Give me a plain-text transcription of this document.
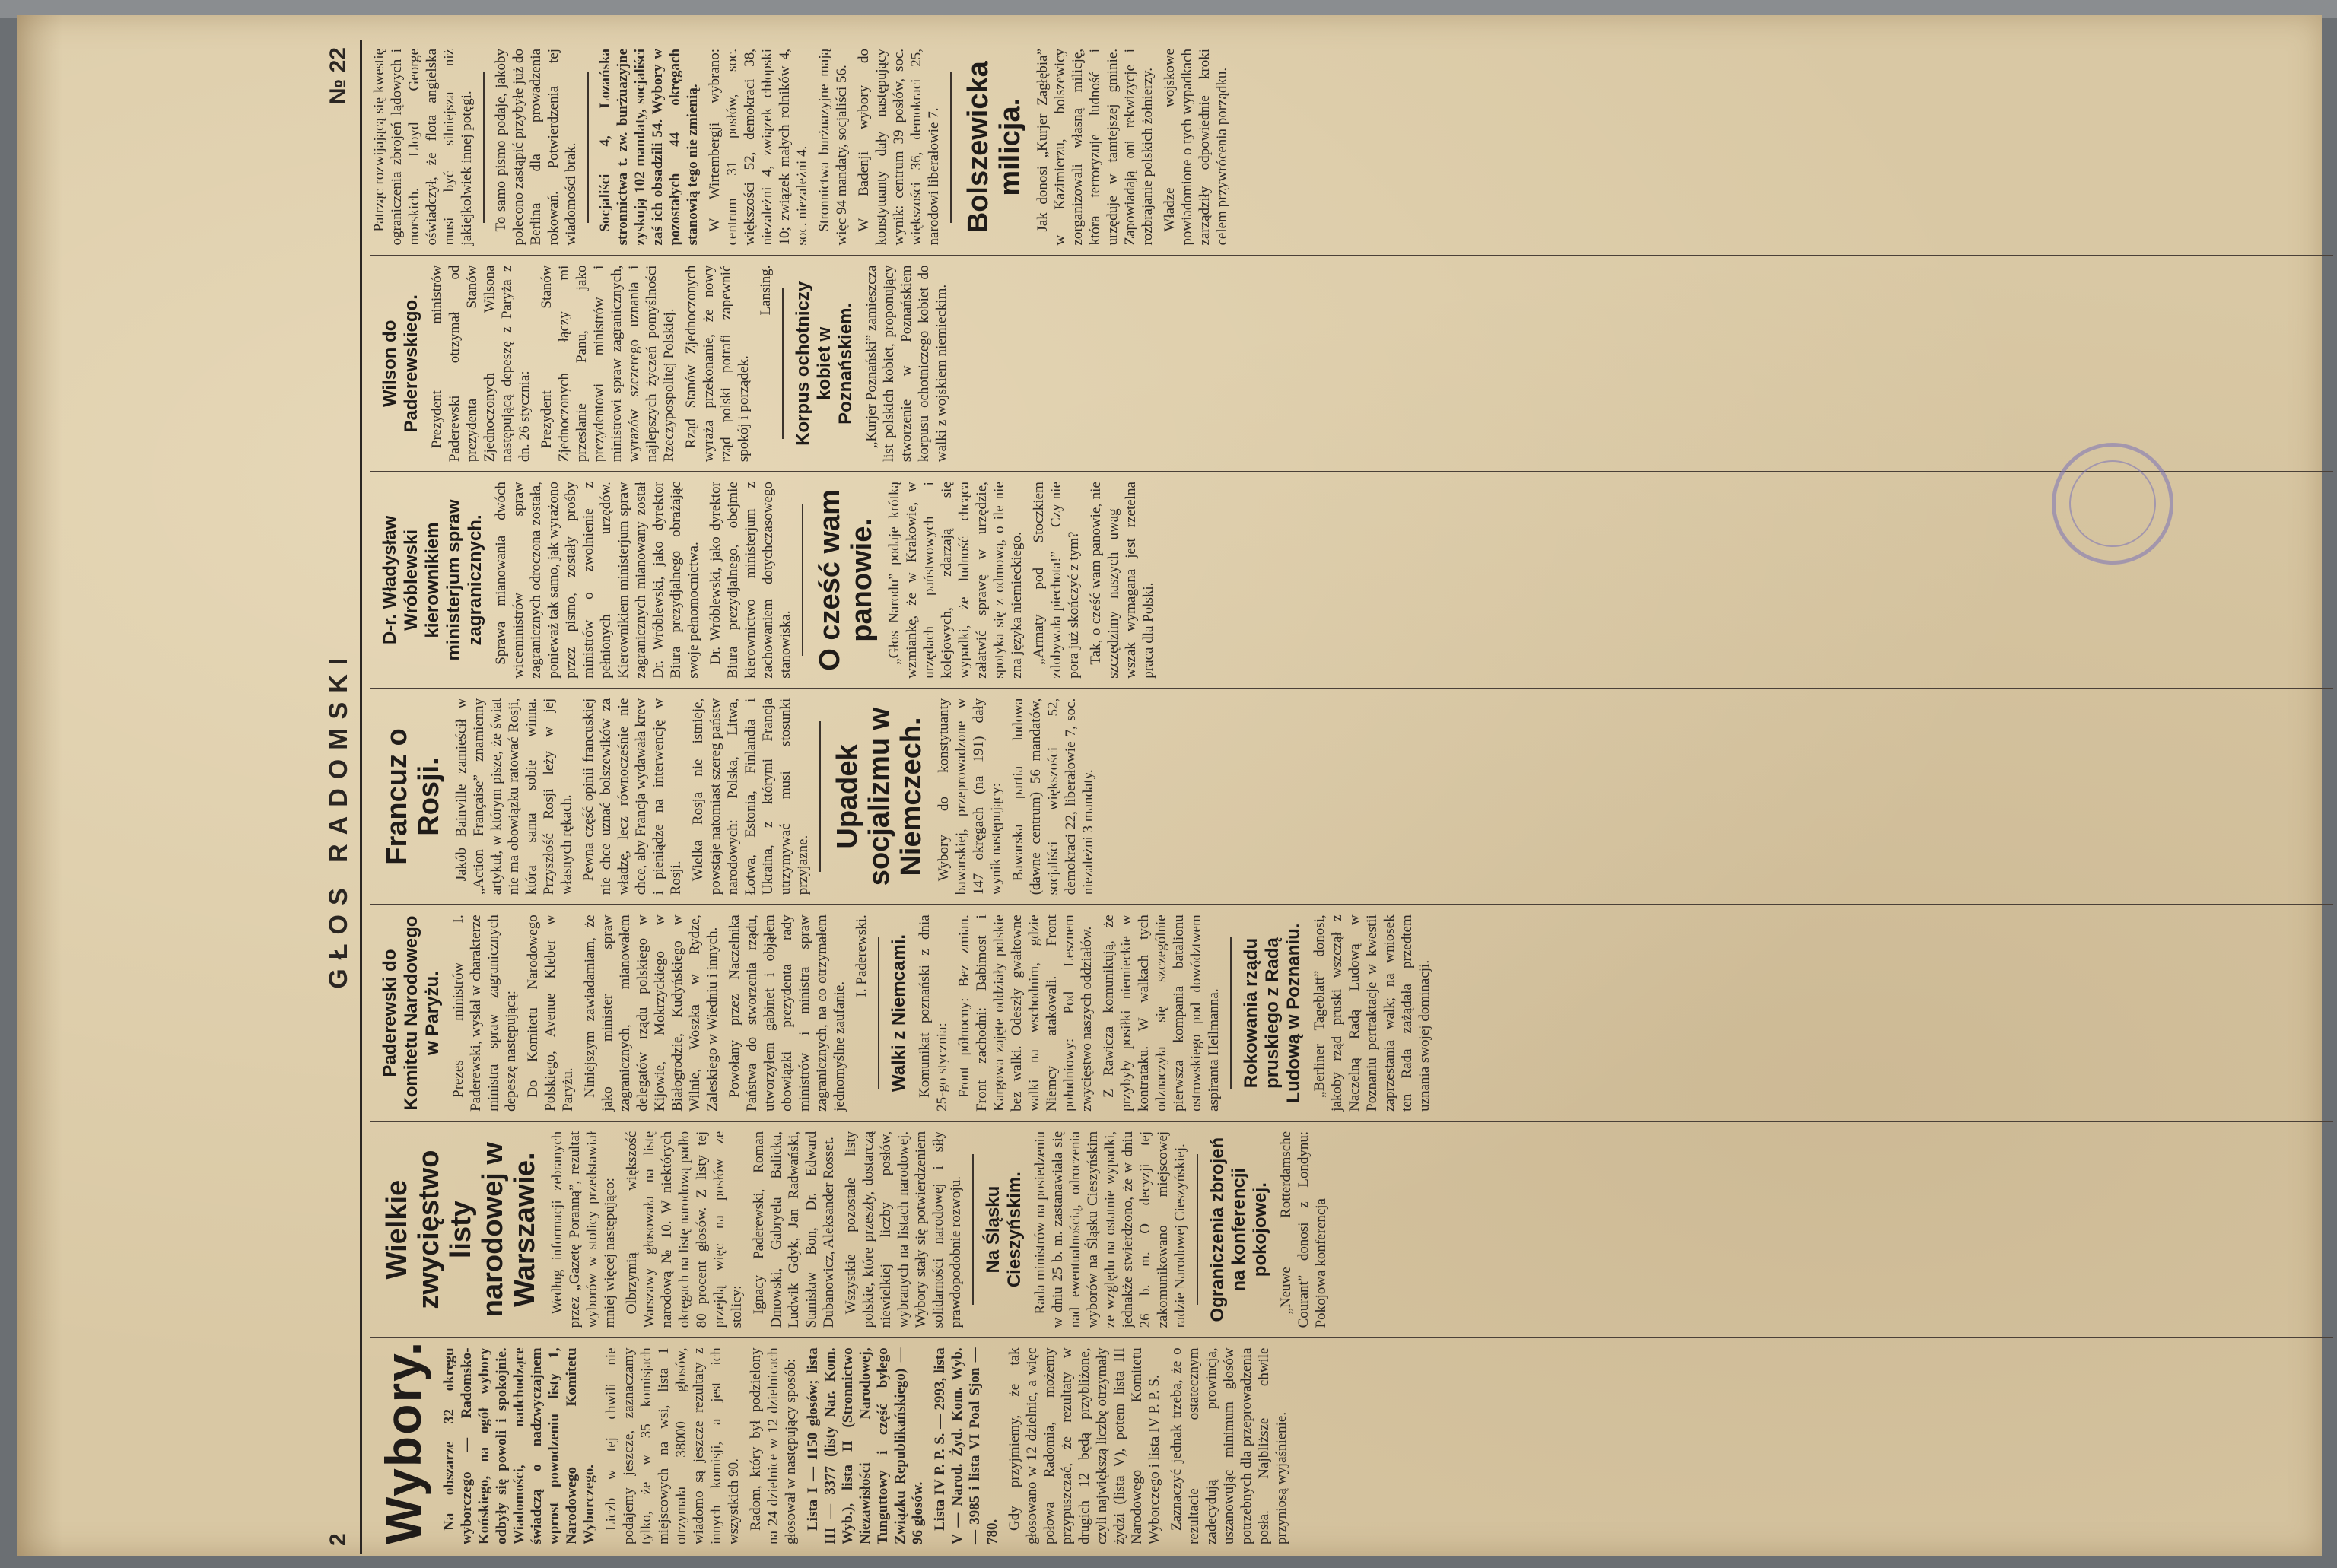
2
GŁOS RADOMSKI
№ 22
Wybory. Na obszarze 32 okręgu wyborczego — Radomsko-Końskiego, na ogół wybory odbyły się powoli i spokojnie. Wiadomości, nadchodzące świadczą o nadzwyczajnem wprost powodzeniu listy 1, Narodowego Komitetu Wyborczego. Liczb w tej chwili nie podajemy jeszcze, zaznaczamy tylko, że w 35 komisjach miejscowych na wsi, lista 1 otrzymała 38000 głosów, wiadomo są jeszcze rezultaty z innych komisji, a jest ich wszystkich 90. Radom, który był podzielony na 24 dzielnice w 12 dzielnicach głosował w następujący sposób: Lista I — 1150 głosów; lista III — 3377 (listy Nar. Kom. Wyb.), lista II (Stronnictwo Niezawisłości Narodowej, Tunguttowy i część byłego Związku Republikańskiego) — 96 głosów. Lista IV P. P. S. — 2993, lista V — Narod. Żyd. Kom. Wyb. — 3985 i lista VI Poal Sjon — 780.

Gdy przyjmiemy, że tak głosowano w 12 dzielnic, a więc połowa Radomia, możemy przypuszczać, że rezultaty w drugich 12 będą przybliżone, czyli największą liczbę otrzymały żydzi (lista V), potem lista III Narodowego Komitetu Wyborczego i lista IV P. P. S. Zaznaczyć jednak trzeba, że o rezultacie ostatecznym zadecydują prowincja, uszanowując minimum głosów potrzebnych dla przeprowadzenia posła. Najbliższe chwile przyniosą wyjaśnienie.

Wielkie zwycięstwo listy narodowej w Warszawie. Według informacji zebranych przez „Gazetę Poranną”, rezultat wyborów w stolicy przedstawiał mniej więcej następująco: Olbrzymią większość Warszawy głosowała na listę narodową № 10. W niektórych okręgach na listę narodową padło 80 procent głosów. Z listy tej przejdą więc na posłów ze stolicy: Ignacy Paderewski, Roman Dmowski, Gabryela Balicka, Ludwik Gdyk, Jan Radwański, Stanisław Bon, Dr. Edward Dubanowicz, Aleksander Rosset. Wszystkie pozostałe listy polskie, które przeszły, dostarczą niewielkiej liczby posłów, wybranych na listach narodowej. Wybory stały się potwierdzeniem solidarności narodowej i siły prawdopodobnie rozwoju. Na Śląsku Cieszyńskim. Rada ministrów na posiedzeniu w dniu 25 b. m. zastanawiała się nad ewentualnością, odroczenia wyborów na Śląsku Cieszyńskim ze względu na ostatnie wypadki, jednakże stwierdzono, że w dniu 26 b. m. O decyzji tej zakomunikowano miejscowej radzie Narodowej Cieszyńskiej. Ograniczenia zbrojeń na konferencji pokojowej. „Neuwe Rotterdamsche Courant” donosi z Londynu: Pokojowa konferencja

Paderewski do Komitetu Narodowego w Paryżu. Prezes ministrów I. Paderewski, wysłał w charakterze ministra spraw zagranicznych depeszę następującą: Do Komitetu Narodowego Polskiego, Avenue Kleber w Paryżu. Niniejszym zawiadamiam, że jako minister spraw zagranicznych, mianowałem delegatów rządu polskiego w Kijowie, Mokrzyckiego w Białogrodzie, Kudyńskiego w Wilnie, Woszka w Rydze, Zaleskiego w Wiedniu i innych. Powołany przez Naczelnika Państwa do stworzenia rządu, utworzyłem gabinet i objąłem obowiązki prezydenta rady ministrów i ministra spraw zagranicznych, na co otrzymałem jednomyślne zaufanie.

I. Paderewski. Walki z Niemcami. Komunikat poznański z dnia 25-go stycznia: Front północny: Bez zmian. Front zachodni: Babimost i Kargowa zajęte oddziały polskie bez walki. Odeszły gwałtowne walki na wschodnim, gdzie Niemcy atakowali. Front południowy: Pod Lesznem zwycięstwo naszych oddziałów. Z Rawicza komunikują, że przybyły posiłki niemieckie w kontrataku. W walkach tych odznaczyła się szczególnie pierwsza kompania batalionu ostrowskiego pod dowództwem aspiranta Heilmanna. Rokowania rządu pruskiego z Radą Ludową w Poznaniu. „Berliner Tageblatt” donosi, jakoby rząd pruski wszczął z Naczelną Radą Ludową w Poznaniu pertraktacje w kwestii zaprzestania walk; na wniosek ten Rada zażądała przedtem uznania swojej dominacji.

Francuz o Rosji. Jakób Bainville zamieścił w „Action Française” znamienny artykuł, w którym pisze, że świat nie ma obowiązku ratować Rosji, która sama sobie winna. Przyszłość Rosji leży w jej własnych rękach. Pewna część opinii francuskiej nie chce uznać bolszewików za władzę, lecz równocześnie nie chce, aby Francja wydawała krew i pieniądze na interwencję w Rosji. Wielka Rosja nie istnieje, powstaje natomiast szereg państw narodowych: Polska, Litwa, Łotwa, Estonia, Finlandia i Ukraina, z którymi Francja utrzymywać musi stosunki przyjazne.

Upadek socjalizmu w Niemczech. Wybory do konstytuanty bawarskiej, przeprowadzone w 147 okręgach (na 191) dały wynik następujący: Bawarska partia ludowa (dawne centrum) 56 mandatów, socjaliści większości 52, demokraci 22, liberałowie 7, soc. niezależni 3 mandaty.

D-r. Władysław Wróblewski kierownikiem ministerjum spraw zagranicznych. Sprawa mianowania dwóch wiceministrów spraw zagranicznych odroczona została, ponieważ tak samo, jak wyrażono przez pismo, zostały prośby ministrów o zwolnienie z pełnionych urzędów. Kierownikiem ministerjum spraw zagranicznych mianowany został Dr. Wróblewski, jako dyrektor Biura prezydjalnego obrażając swoje pełnomocnictwa. Dr. Wróblewski, jako dyrektor Biura prezydjalnego, obejmie kierownictwo ministerjum z zachowaniem dotychczasowego stanowiska. O cześć wam panowie. „Głos Narodu” podaje krótką wzmiankę, że w Krakowie, w urzędach państwowych i kolejowych, zdarzają się wypadki, że ludność chcąca załatwić sprawę w urzędzie, spotyka się z odmową, o ile nie zna języka niemieckiego. „Armaty pod Stoczkiem zdobywała piechota!” — Czy nie pora już skończyć z tym? Tak, o cześć wam panowie, nie szczędzimy naszych uwag — wszak wymagana jest rzetelna praca dla Polski.

Wilson do Paderewskiego. Prezydent ministrów Paderewski otrzymał od prezydenta Stanów Zjednoczonych Wilsona następującą depeszę z Paryża z dn. 26 stycznia: Prezydent Stanów Zjednoczonych łączy mi przesłanie Panu, jako prezydentowi ministrów i ministrowi spraw zagranicznych, wyrazów szczerego uznania i najlepszych życzeń pomyślności Rzeczypospolitej Polskiej. Rząd Stanów Zjednoczonych wyraża przekonanie, że nowy rząd polski potrafi zapewnić spokój i porządek.

Lansing. Korpus ochotniczy kobiet w Poznańskiem. „Kurjer Poznański” zamieszcza list polskich kobiet, proponujący stworzenie w Poznańskiem korpusu ochotniczego kobiet do walki z wojskiem niemieckim.

Patrząc rozwijającą się kwestię ograniczenia zbrojeń lądowych i morskich. Lloyd George oświadczył, że flota angielska musi być silniejsza niż jakiejkolwiek innej potęgi. To samo pismo podaje, jakoby polecono zastąpić przybyłe już do Berlina dla prowadzenia rokowań. Potwierdzenia tej wiadomości brak. Socjaliści 4, Lozańska stronnictwa t. zw. burżuazyjne zyskują 102 mandaty, socjaliści zaś ich obsadzili 54. Wybory w pozostałych 44 okręgach stanowią tego nie zmienią. W Wirtembergji wybrano: centrum 31 posłów, soc. większości 52, demokraci 38, niezależni 4, związek chłopski 10; związek małych rolników 4, soc. niezależni 4. Stronnictwa burżuazyjne mają więc 94 mandaty, socjaliści 56. W Badenji wybory do konstytuanty dały następujący wynik: centrum 39 posłów, soc. większości 36, demokraci 25, narodowi liberałowie 7. Bolszewicka milicja. Jak donosi „Kurjer Zagłębia” w Kazimierzu, bolszewicy zorganizowali własną milicję, która terroryzuje ludność i urzęduje w tamtejszej gminie. Zapowiadają oni rekwizycje i rozbrajanie polskich żołnierzy. Władze wojskowe powiadomione o tych wypadkach zarządziły odpowiednie kroki celem przywrócenia porządku.
